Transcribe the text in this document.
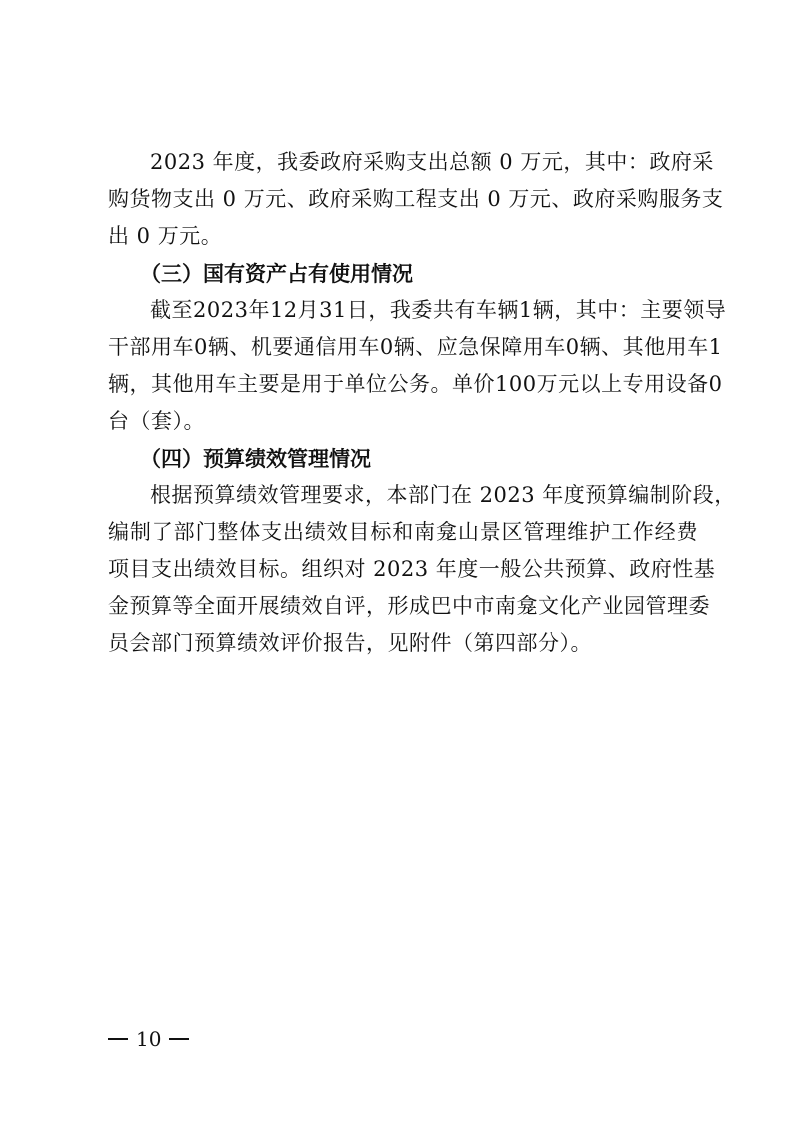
2023 年度，我委政府采购支出总额 0 万元，其中：政府采
购货物支出 0 万元、政府采购工程支出 0 万元、政府采购服务支
出 0 万元。
（三）国有资产占有使用情况
截至2023年12月31日，我委共有车辆1辆，其中：主要领导
干部用车0辆、机要通信用车0辆、应急保障用车0辆、其他用车1
辆，其他用车主要是用于单位公务。单价100万元以上专用设备0
台（套）。
（四）预算绩效管理情况
根据预算绩效管理要求，本部门在 2023 年度预算编制阶段，
编制了部门整体支出绩效目标和南龛山景区管理维护工作经费
项目支出绩效目标。组织对 2023 年度一般公共预算、政府性基
金预算等全面开展绩效自评，形成巴中市南龛文化产业园管理委
员会部门预算绩效评价报告，见附件（第四部分）。
10
